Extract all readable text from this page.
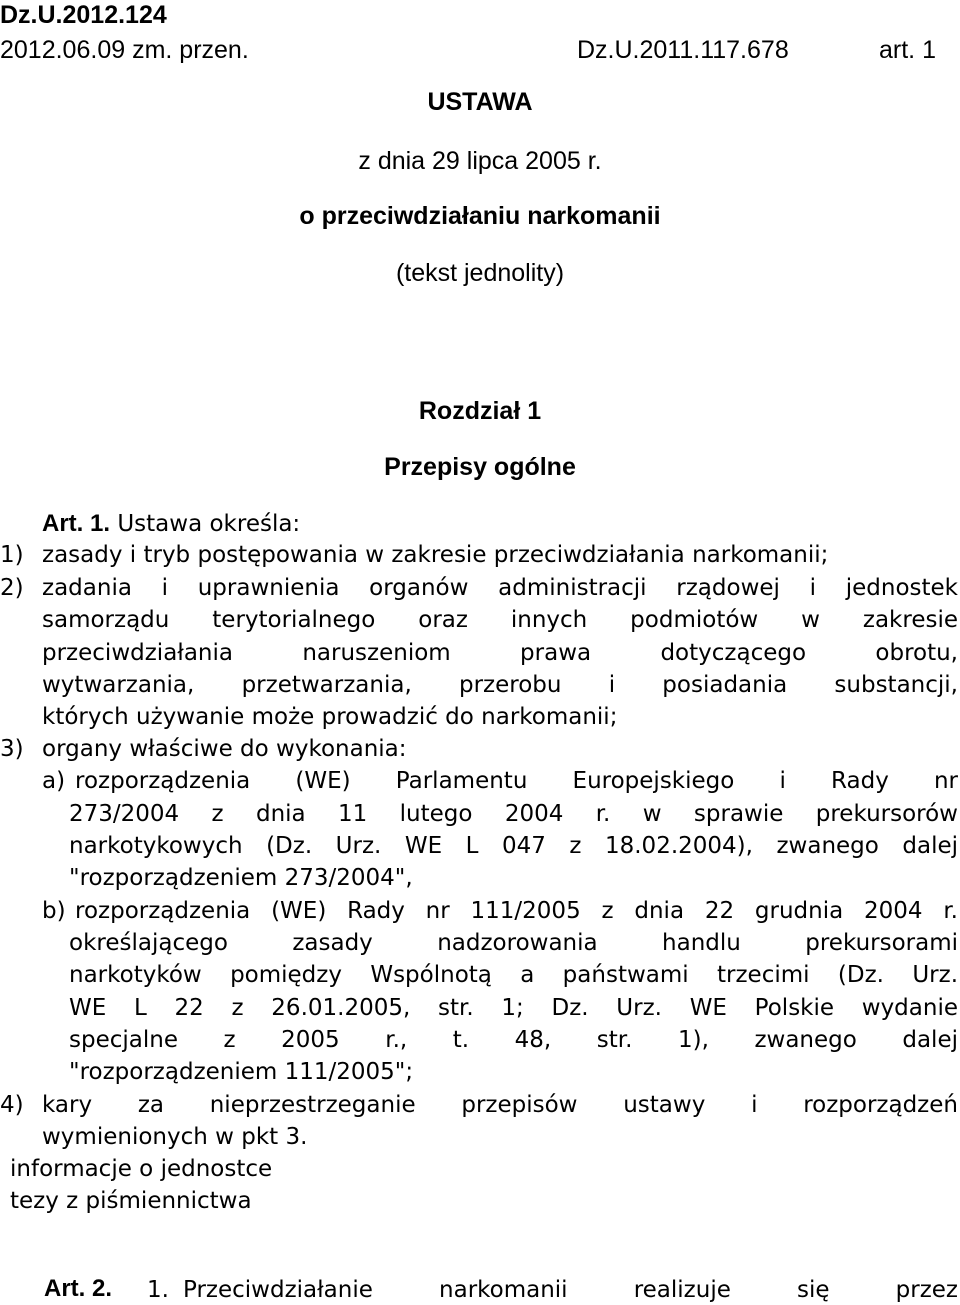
Dz.U.2012.124
2012.06.09 zm. przen.	Dz.U.2011.117.678	art. 1
USTAWA
z dnia 29 lipca 2005 r.
o przeciwdziałaniu narkomanii
(tekst jednolity)
Rozdział 1
Przepisy ogólne
Art. 1. Ustawa określa:
1) zasady i tryb postępowania w zakresie przeciwdziałania narkomanii;
2) zadania i uprawnienia organów administracji rządowej i jednostek
samorządu terytorialnego oraz innych podmiotów w zakresie
przeciwdziałania naruszeniom prawa dotyczącego obrotu,
wytwarzania, przetwarzania, przerobu i posiadania substancji,
których używanie może prowadzić do narkomanii;
3) organy właściwe do wykonania:
a) rozporządzenia (WE) Parlamentu Europejskiego i Rady nr
273/2004 z dnia 11 lutego 2004 r. w sprawie prekursorów
narkotykowych (Dz. Urz. WE L 047 z 18.02.2004), zwanego dalej
"rozporządzeniem 273/2004",
b) rozporządzenia (WE) Rady nr 111/2005 z dnia 22 grudnia 2004 r.
określającego zasady nadzorowania handlu prekursorami
narkotyków pomiędzy Wspólnotą a państwami trzecimi (Dz. Urz.
WE L 22 z 26.01.2005, str. 1; Dz. Urz. WE Polskie wydanie
specjalne z 2005 r., t. 48, str. 1), zwanego dalej
"rozporządzeniem 111/2005";
4) kary za nieprzestrzeganie przepisów ustawy i rozporządzeń
wymienionych w pkt 3.
informacje o jednostce
tezy z piśmiennictwa
Art. 2. 1. Przeciwdziałanie narkomanii realizuje się przez
